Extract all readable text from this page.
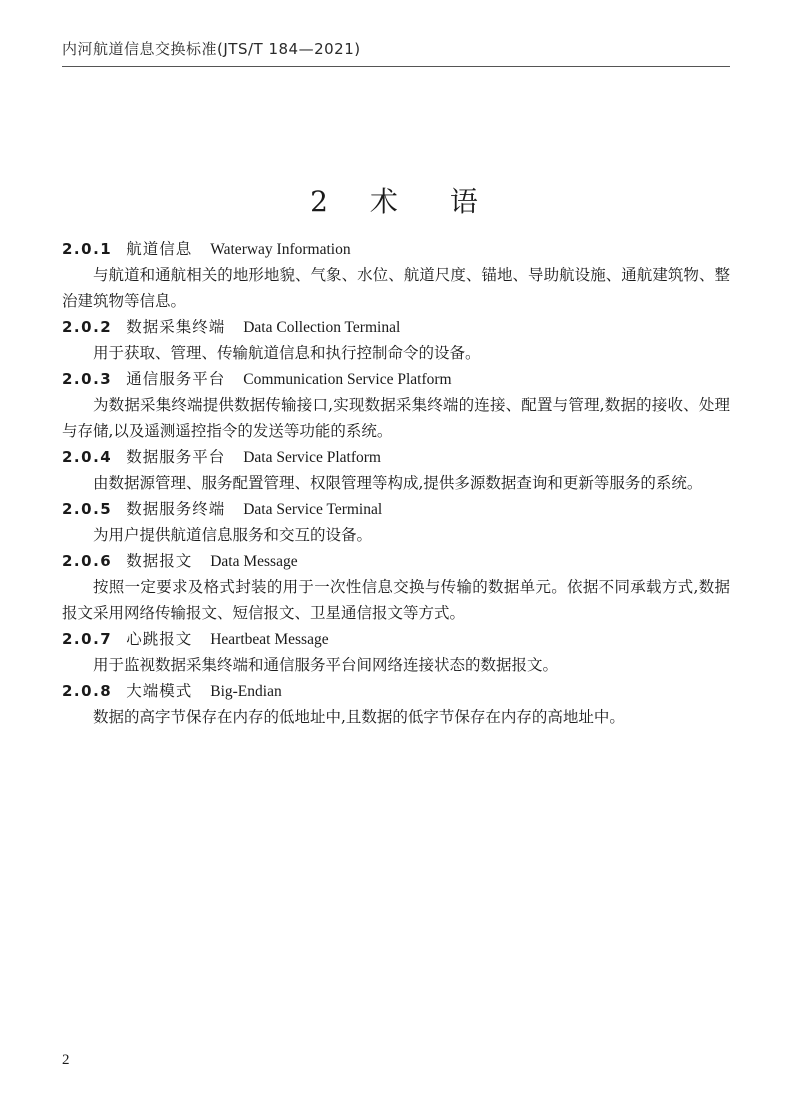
内河航道信息交换标准(JTS/T 184—2021)
2 术 语
2.0.1 航道信息 Waterway Information

与航道和通航相关的地形地貌、气象、水位、航道尺度、锚地、导助航设施、通航建筑物、整治建筑物等信息。

2.0.2 数据采集终端 Data Collection Terminal

用于获取、管理、传输航道信息和执行控制命令的设备。

2.0.3 通信服务平台 Communication Service Platform

为数据采集终端提供数据传输接口,实现数据采集终端的连接、配置与管理,数据的接收、处理与存储,以及遥测遥控指令的发送等功能的系统。

2.0.4 数据服务平台 Data Service Platform

由数据源管理、服务配置管理、权限管理等构成,提供多源数据查询和更新等服务的系统。

2.0.5 数据服务终端 Data Service Terminal

为用户提供航道信息服务和交互的设备。

2.0.6 数据报文 Data Message

按照一定要求及格式封装的用于一次性信息交换与传输的数据单元。依据不同承载方式,数据报文采用网络传输报文、短信报文、卫星通信报文等方式。

2.0.7 心跳报文 Heartbeat Message

用于监视数据采集终端和通信服务平台间网络连接状态的数据报文。

2.0.8 大端模式 Big-Endian

数据的高字节保存在内存的低地址中,且数据的低字节保存在内存的高地址中。

2
